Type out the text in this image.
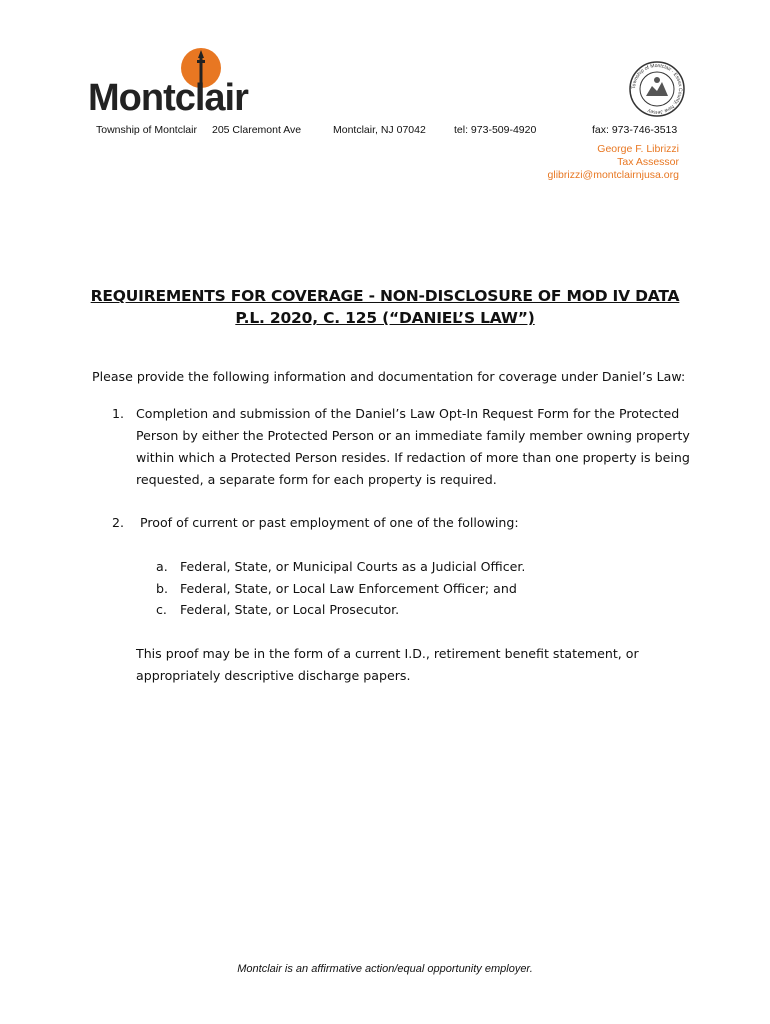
Montclair	Township of Montclair · Essex County, New Jersey
Township of Montclair 205 Claremont Ave	Montclair, NJ 07042	tel: 973-509-4920	fax: 973-746-3513
George F. Librizzi
Tax Assessor
glibrizzi@montclairnjusa.org
REQUIREMENTS FOR COVERAGE - NON-DISCLOSURE OF MOD IV DATA
P.L. 2020, C. 125 (“DANIEL’S LAW”)
Please provide the following information and documentation for coverage under Daniel’s Law:
1. Completion and submission of the Daniel’s Law Opt-In Request Form for the Protected Person by either the Protected Person or an immediate family member owning property within which a Protected Person resides. If redaction of more than one property is being requested, a separate form for each property is required.
2. Proof of current or past employment of one of the following:
a. Federal, State, or Municipal Courts as a Judicial Officer.
b. Federal, State, or Local Law Enforcement Officer; and
c. Federal, State, or Local Prosecutor.
This proof may be in the form of a current I.D., retirement benefit statement, or appropriately descriptive discharge papers.
Montclair is an affirmative action/equal opportunity employer.
